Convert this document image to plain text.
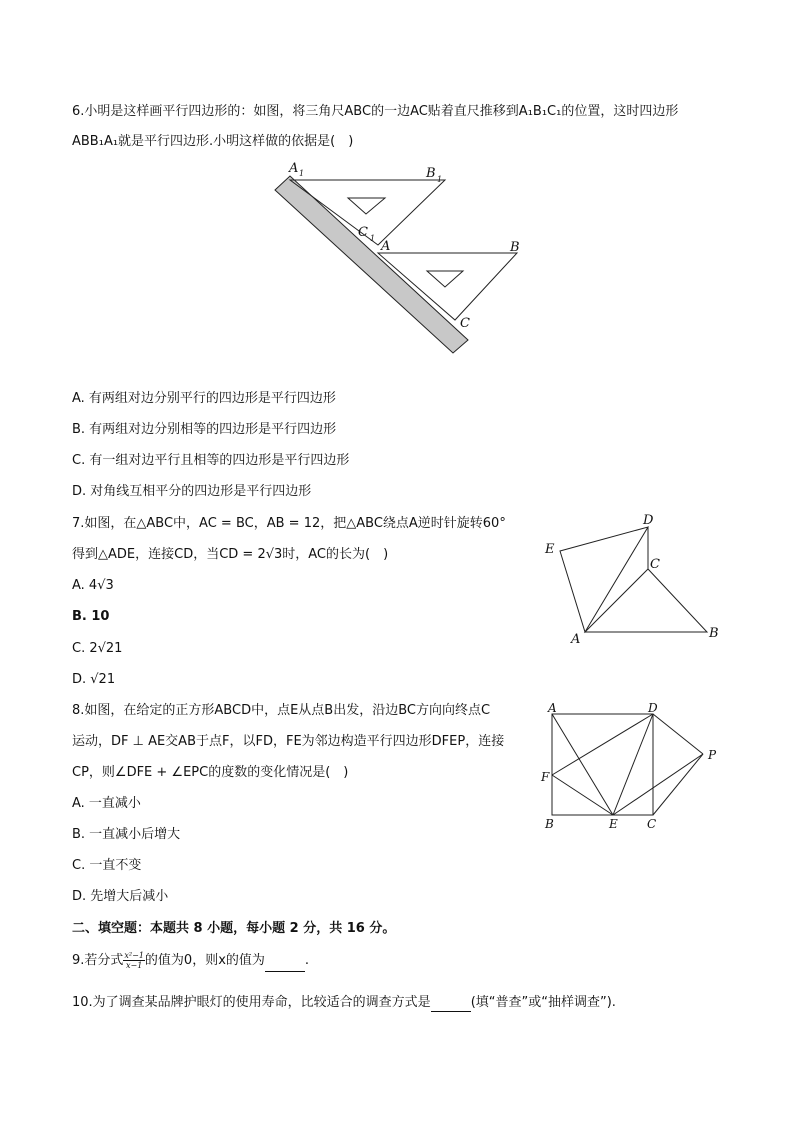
6.小明是这样画平行四边形的：如图，将三角尺ABC的一边AC贴着直尺推移到A₁B₁C₁的位置，这时四边形
ABB₁A₁就是平行四边形.小明这样做的依据是(　)
A 1	B 1
C 1
A	B
C
A. 有两组对边分别平行的四边形是平行四边形
B. 有两组对边分别相等的四边形是平行四边形
C. 有一组对边平行且相等的四边形是平行四边形
D. 对角线互相平分的四边形是平行四边形
7.如图，在△ABC中，AC = BC，AB = 12，把△ABC绕点A逆时针旋转60°
得到△ADE，连接CD，当CD = 2√3时，AC的长为(　)
A. 4√3
B. 10
C. 2√21
D. √21
D
E
C
A	B
8.如图，在给定的正方形ABCD中，点E从点B出发，沿边BC方向向终点C
运动，DF ⊥ AE交AB于点F，以FD，FE为邻边构造平行四边形DFEP，连接
CP，则∠DFE + ∠EPC的度数的变化情况是(　)
A. 一直减小
B. 一直减小后增大
C. 一直不变
D. 先增大后减小
A	D
P
F
B	E C
二、填空题：本题共 8 小题，每小题 2 分，共 16 分。
9.若分式 $\frac{\text{x²−1}}{x-1}$ 的值为0，则x的值为	.
10.为了调查某品牌护眼灯的使用寿命，比较适合的调查方式是	(填“普查”或“抽样调查”).
